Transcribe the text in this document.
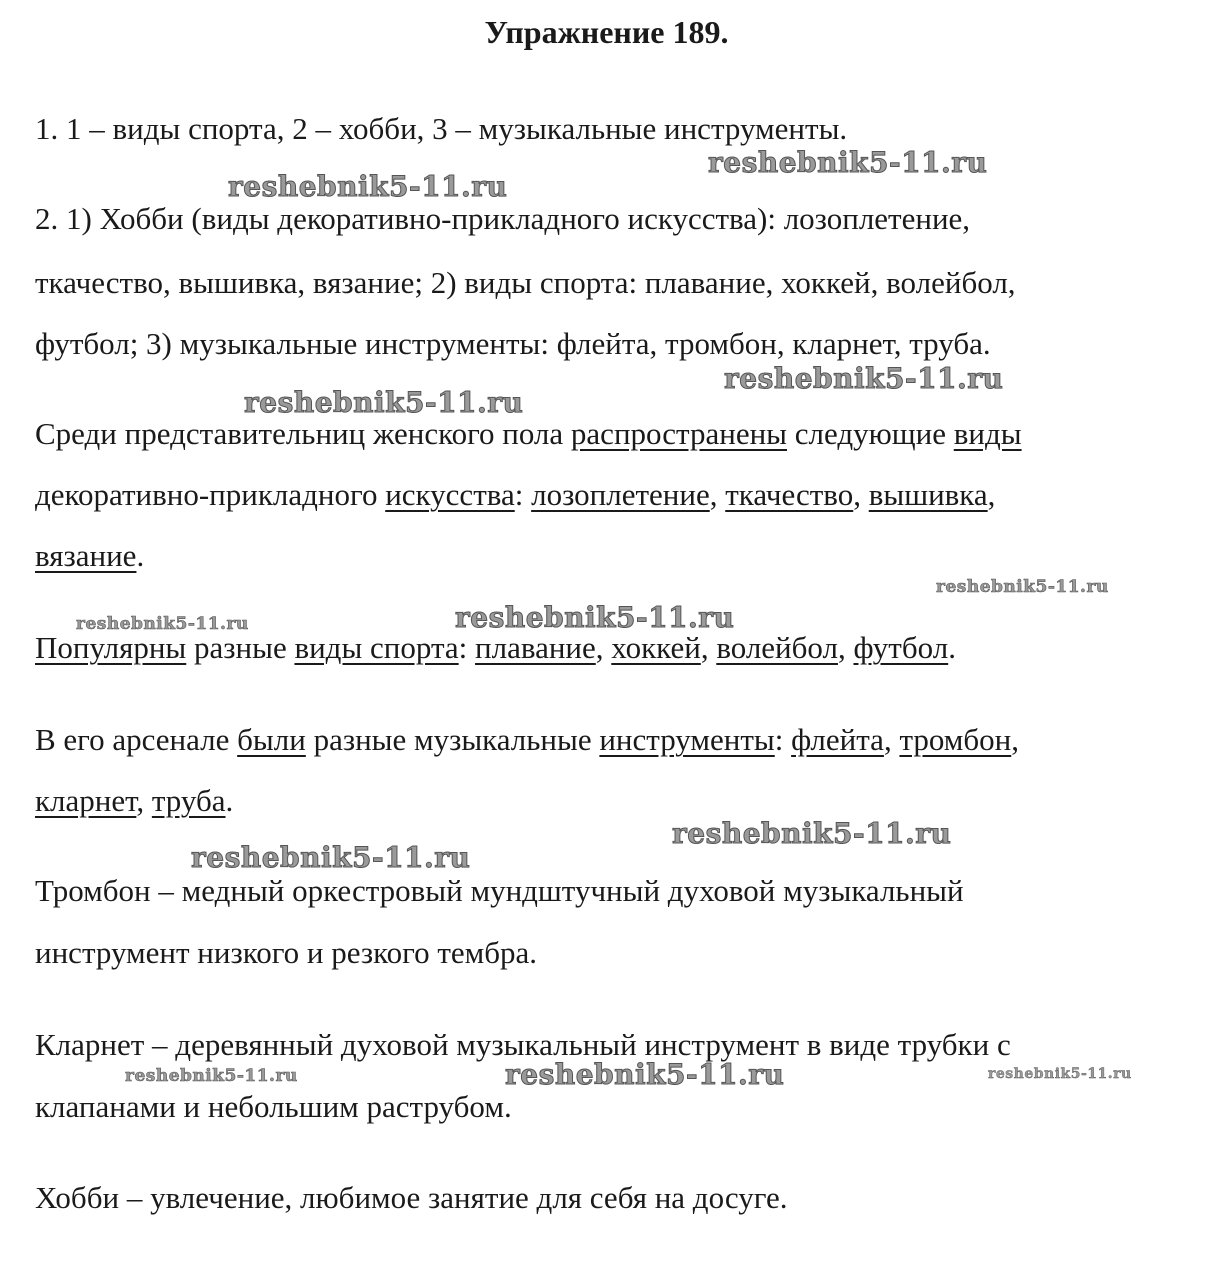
Упражнение 189.

1. 1 – виды спорта, 2 – хобби, 3 – музыкальные инструменты.

2. 1) Хобби (виды декоративно-прикладного искусства): лозоплетение,

ткачество, вышивка, вязание; 2) виды спорта: плавание, хоккей, волейбол,

футбол; 3) музыкальные инструменты: флейта, тромбон, кларнет, труба.

Среди представительниц женского пола распространены следующие виды

декоративно-прикладного искусства: лозоплетение, ткачество, вышивка,

вязание.

Популярны разные виды спорта: плавание, хоккей, волейбол, футбол.

В его арсенале были разные музыкальные инструменты: флейта, тромбон,

кларнет, труба.

Тромбон – медный оркестровый мундштучный духовой музыкальный

инструмент низкого и резкого тембра.

Кларнет – деревянный духовой музыкальный инструмент в виде трубки с

клапанами и небольшим раструбом.

Хобби – увлечение, любимое занятие для себя на досуге.

reshebnik5-11.ru
reshebnik5-11.ru
reshebnik5-11.ru
reshebnik5-11.ru
reshebnik5-11.ru
reshebnik5-11.ru	reshebnik5-11.ru
reshebnik5-11.ru
reshebnik5-11.ru
reshebnik5-11.ru	reshebnik5-11.ru	reshebnik5-11.ru
